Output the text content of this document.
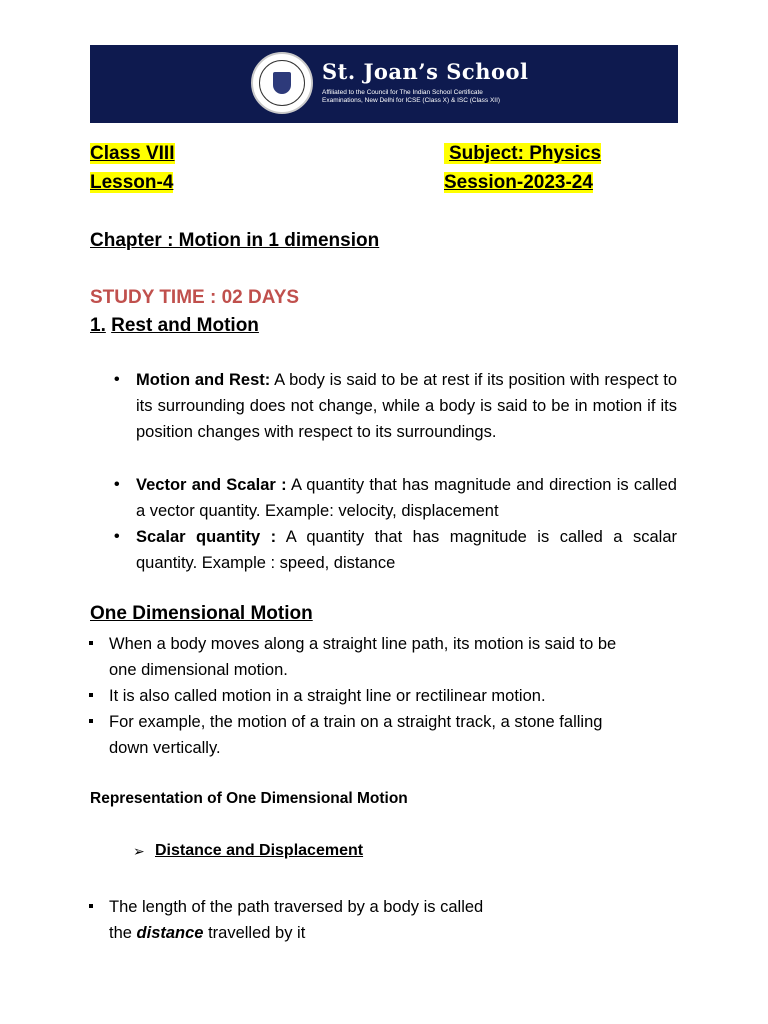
St. Joan’s School
Affiliated to the Council for The Indian School Certificate
Examinations, New Delhi for ICSE (Class X) & ISC (Class XII)
Class VIII
Lesson-4
Subject: Physics
Session-2023-24
Chapter : Motion in 1 dimension
STUDY TIME : 02 DAYS
1. Rest and Motion
• Motion and Rest: A body is said to be at rest if its position with respect to its surrounding does not change, while a body is said to be in motion if its position changes with respect to its surroundings.
• Vector and Scalar : A quantity that has magnitude and direction is called a vector quantity. Example: velocity, displacement
• Scalar quantity : A quantity that has magnitude is called a scalar quantity. Example : speed, distance
One Dimensional Motion
When a body moves along a straight line path, its motion is said to be
one dimensional motion.
It is also called motion in a straight line or rectilinear motion.
For example, the motion of a train on a straight track, a stone falling
down vertically.
Representation of One Dimensional Motion
➢ Distance and Displacement
The length of the path traversed by a body is called
the distance travelled by it
